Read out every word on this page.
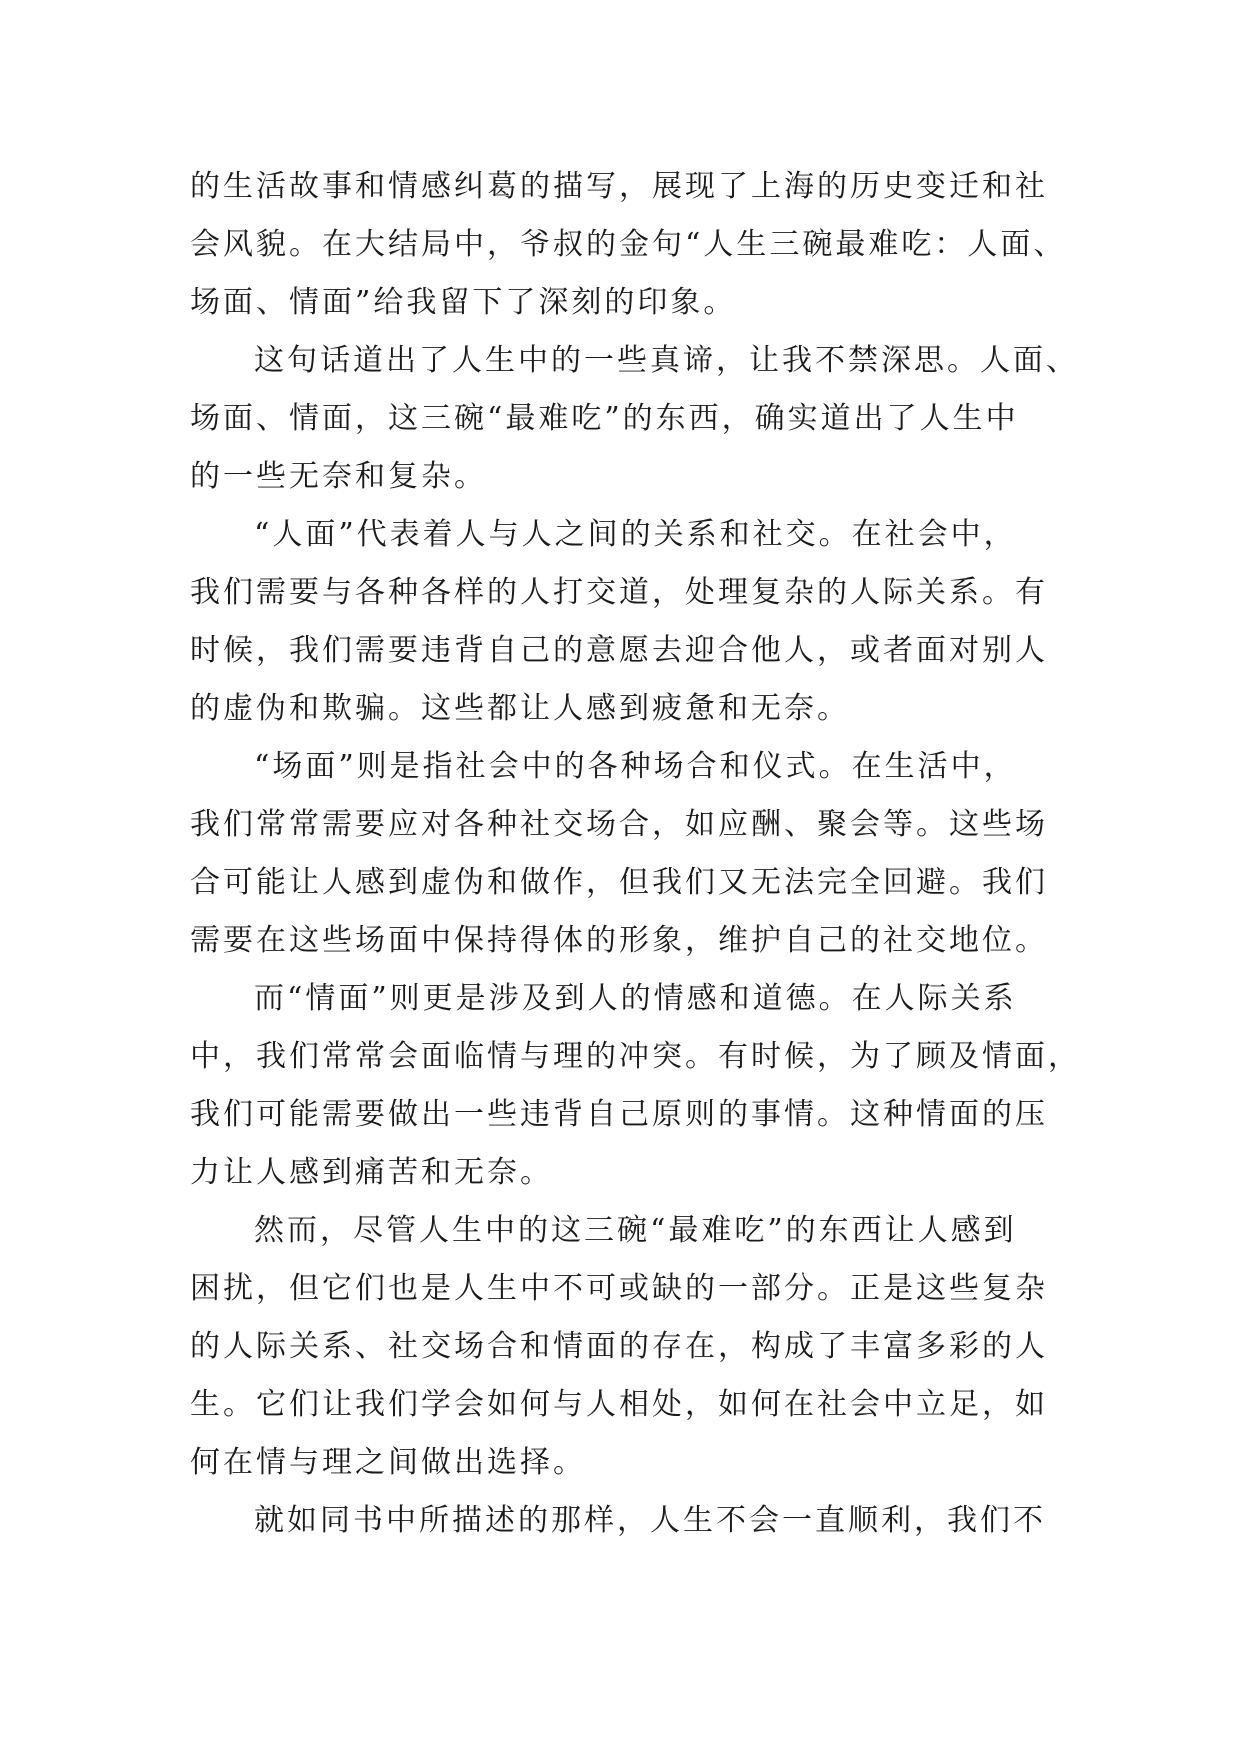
的生活故事和情感纠葛的描写，展现了上海的历史变迁和社
会风貌。在大结局中，爷叔的金句“人生三碗最难吃：人面、
场面、情面”给我留下了深刻的印象。

这句话道出了人生中的一些真谛，让我不禁深思。人面、
场面、情面，这三碗“最难吃”的东西，确实道出了人生中
的一些无奈和复杂。

“人面”代表着人与人之间的关系和社交。在社会中，
我们需要与各种各样的人打交道，处理复杂的人际关系。有
时候，我们需要违背自己的意愿去迎合他人，或者面对别人
的虚伪和欺骗。这些都让人感到疲惫和无奈。

“场面”则是指社会中的各种场合和仪式。在生活中，
我们常常需要应对各种社交场合，如应酬、聚会等。这些场
合可能让人感到虚伪和做作，但我们又无法完全回避。我们
需要在这些场面中保持得体的形象，维护自己的社交地位。

而“情面”则更是涉及到人的情感和道德。在人际关系
中，我们常常会面临情与理的冲突。有时候，为了顾及情面，
我们可能需要做出一些违背自己原则的事情。这种情面的压
力让人感到痛苦和无奈。

然而，尽管人生中的这三碗“最难吃”的东西让人感到
困扰，但它们也是人生中不可或缺的一部分。正是这些复杂
的人际关系、社交场合和情面的存在，构成了丰富多彩的人
生。它们让我们学会如何与人相处，如何在社会中立足，如
何在情与理之间做出选择。

就如同书中所描述的那样，人生不会一直顺利，我们不
